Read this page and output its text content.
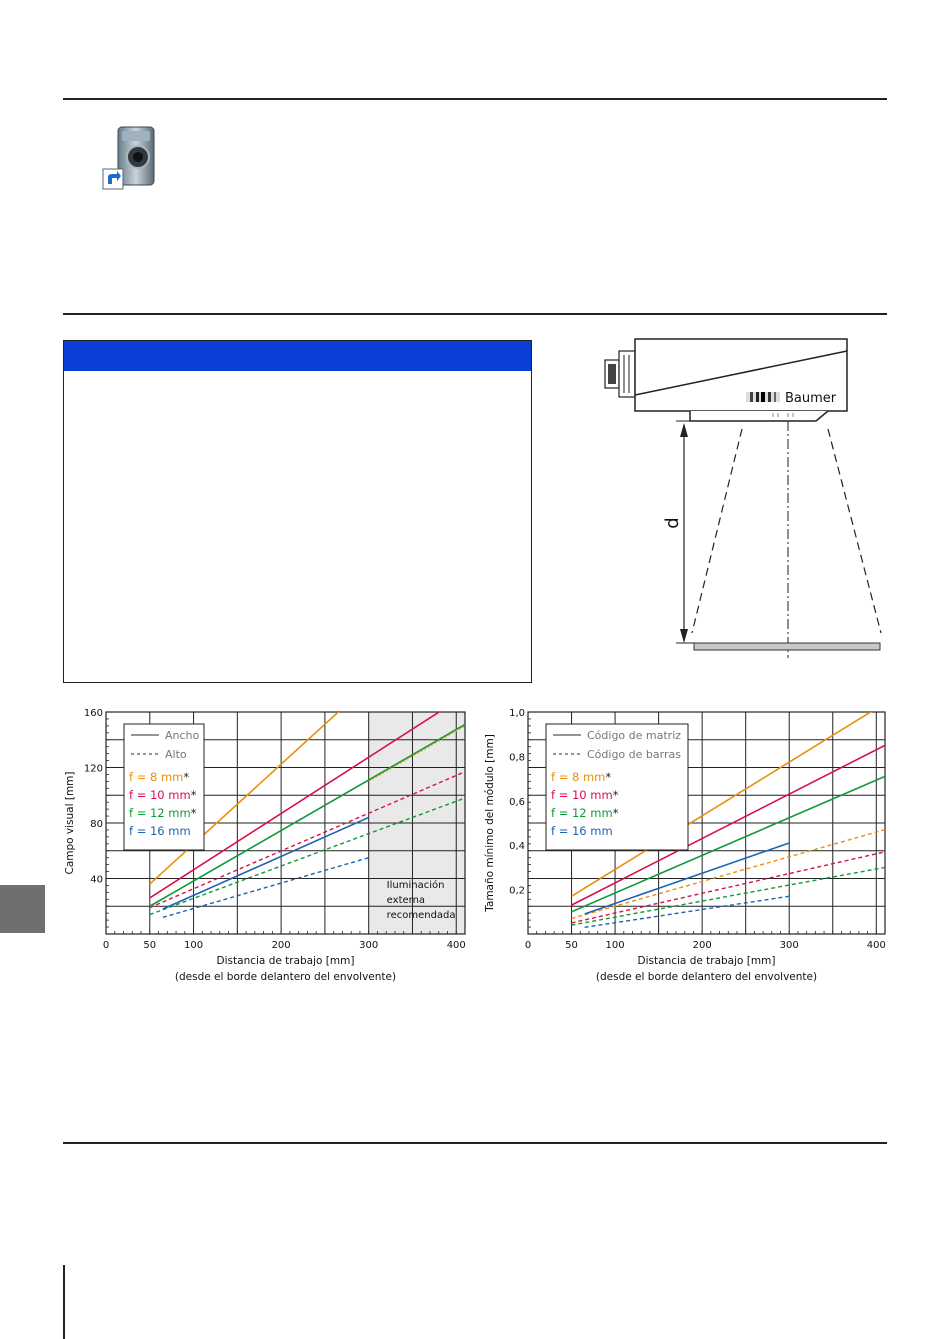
Baumer
d
0	50	100	200	300	400
40
80
120
160
Distancia de trabajo [mm]
(desde el borde delantero del envolvente)
Campo visual [mm]
Iluminación
externa
recomendada
Ancho
Alto
f = 8 mm*
f = 10 mm*
f = 12 mm*
f = 16 mm
0	50	100	200	300	400
0,2
0,4
0,6
0,8
1,0
Distancia de trabajo [mm]
(desde el borde delantero del envolvente)
Tamaño mínimo del módulo [mm]	Código de matriz
Código de barras
f = 8 mm*
f = 10 mm*
f = 12 mm*
f = 16 mm
